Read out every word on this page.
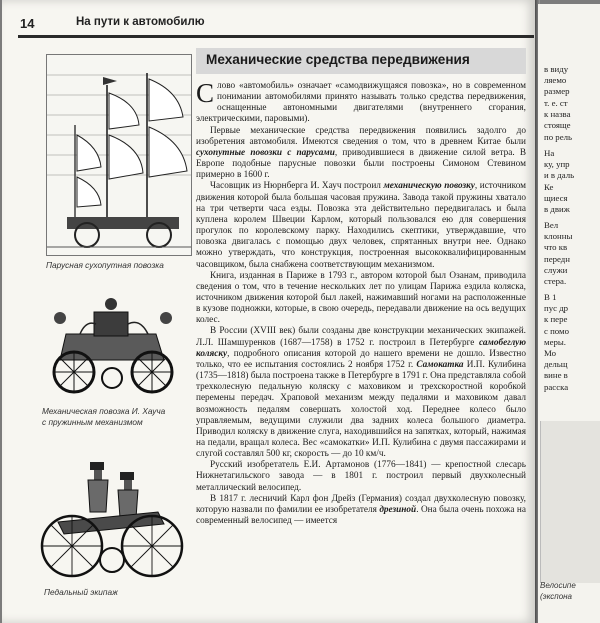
14	На пути к автомобилю
Парусная сухопутная повозка
Механическая повозка И. Хауча
с пружинным механизмом
Педальный экипаж
Механические средства передвижения

Слово «автомобиль» означает «самодвижущаяся повозка», но в современном понимании автомобилями принято называть только средства передвижения, оснащенные автономными двигателями (внутреннего сгорания, электрическими, паровыми).

Первые механические средства передвижения появились задолго до изобретения автомобиля. Имеются сведения о том, что в древнем Китае были сухопутные повозки с парусами, приводившиеся в движение силой ветра. В Европе подобные парусные повозки были построены Симоном Стевином примерно в 1600 г.

Часовщик из Нюрнберга И. Хауч построил механическую повозку, источником движения которой была большая часовая пружина. Завода такой пружины хватало на три четверти часа езды. Повозка эта действительно передвигалась и была куплена королем Швеции Карлом, который пользовался ею для совершения прогулок по королевскому парку. Находились скептики, утверждавшие, что повозка двигалась с помощью двух человек, спрятанных внутри нее. Однако можно утверждать, что конструкция, построенная высококвалифицированным часовщиком, была снабжена соответствующим механизмом.

Книга, изданная в Париже в 1793 г., автором которой был Озанам, приводила сведения о том, что в течение нескольких лет по улицам Парижа ездила коляска, источником движения которой был лакей, нажимавший ногами на расположенные в кузове подножки, которые, в свою очередь, передавали движение на ось ведущих колес.

В России (XVIII век) были созданы две конструкции механических экипажей. Л.Л. Шамшуренков (1687—1758) в 1752 г. построил в Петербурге самобеглую коляску, подробного описания которой до нашего времени не дошло. Известно только, что ее испытания состоялись 2 ноября 1752 г. Самокатка И.П. Кулибина (1735—1818) была построена также в Петербурге в 1791 г. Она представляла собой трехколесную педальную коляску с маховиком и трехскоростной коробкой перемены передач. Храповой механизм между педалями и маховиком давал возможность педалям совершать холостой ход. Переднее колесо было управляемым, ведущими служили два задних колеса большого диаметра. Приводил коляску в движение слуга, находившийся на запятках, который, нажимая на педали, вращал колеса. Вес «самокатки» И.П. Кулибина с двумя пассажирами и слугой составлял 500 кг, скорость — до 10 км/ч.

Русский изобретатель Е.И. Артамонов (1776—1841) — крепостной слесарь Нижнетагильского завода — в 1801 г. построил первый двухколесный металлический велосипед.

В 1817 г. лесничий Карл фон Дрейз (Германия) создал двухколесную повозку, которую назвали по фамилии ее изобретателя дрезиной. Она была очень похожа на современный велосипед — имеется

в виду
ляемо
размер
т. е. ст
к назва
стояще
по рель
На
ку, упр
и в даль
Ке
щиеся
в движ
Вел
клонны
что кв
передн
служи
стера.
В 1
пус др
к пере
с помо
меры.
Мо
дельщ
вине в
расска
Велосипе
(экспона
